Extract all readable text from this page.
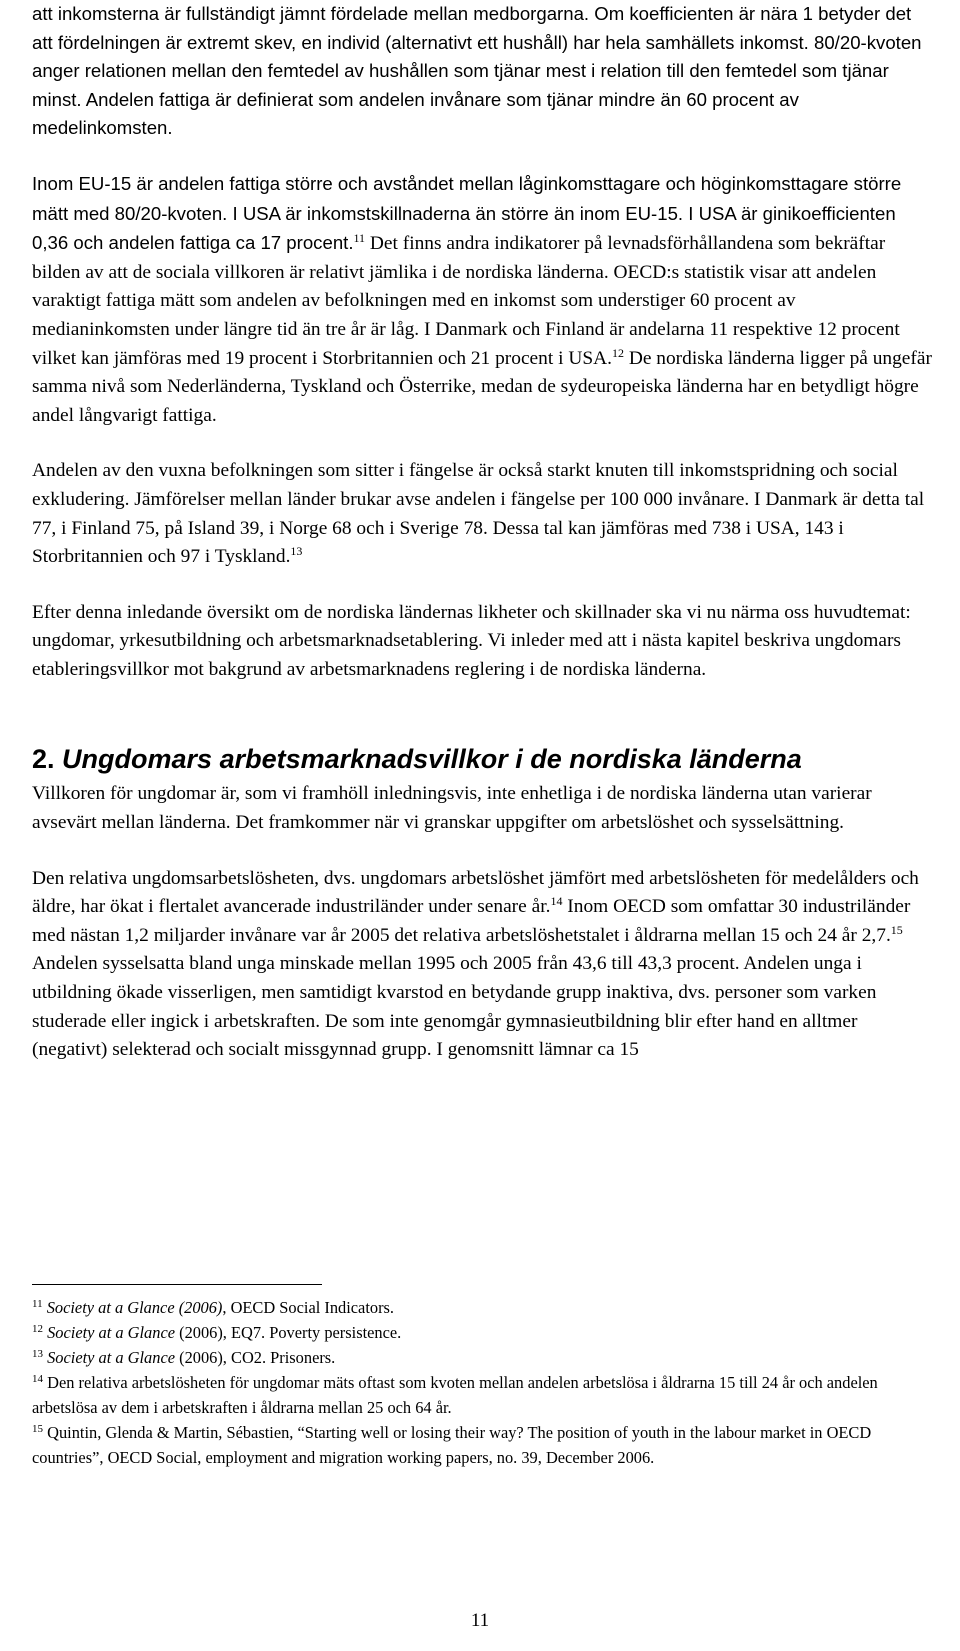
att inkomsterna är fullständigt jämnt fördelade mellan medborgarna. Om koefficienten är nära 1 betyder det att fördelningen är extremt skev, en individ (alternativt ett hushåll) har hela samhällets inkomst. 80/20-kvoten anger relationen mellan den femtedel av hushållen som tjänar mest i relation till den femtedel som tjänar minst. Andelen fattiga är definierat som andelen invånare som tjänar mindre än 60 procent av medelinkomsten.

Inom EU-15 är andelen fattiga större och avståndet mellan låginkomsttagare och höginkomsttagare större mätt med 80/20-kvoten. I USA är inkomstskillnaderna än större än inom EU-15. I USA är ginikoefficienten 0,36 och andelen fattiga ca 17 procent.$^{11}$ Det finns andra indikatorer på levnadsförhållandena som bekräftar bilden av att de sociala villkoren är relativt jämlika i de nordiska länderna. OECD:s statistik visar att andelen varaktigt fattiga mätt som andelen av befolkningen med en inkomst som understiger 60 procent av medianinkomsten under längre tid än tre år är låg. I Danmark och Finland är andelarna 11 respektive 12 procent vilket kan jämföras med 19 procent i Storbritannien och 21 procent i USA.$^{12}$ De nordiska länderna ligger på ungefär samma nivå som Nederländerna, Tyskland och Österrike, medan de sydeuropeiska länderna har en betydligt högre andel långvarigt fattiga.

Andelen av den vuxna befolkningen som sitter i fängelse är också starkt knuten till inkomstspridning och social exkludering. Jämförelser mellan länder brukar avse andelen i fängelse per 100 000 invånare. I Danmark är detta tal 77, i Finland 75, på Island 39, i Norge 68 och i Sverige 78. Dessa tal kan jämföras med 738 i USA, 143 i Storbritannien och 97 i Tyskland.$^{13}$

Efter denna inledande översikt om de nordiska ländernas likheter och skillnader ska vi nu närma oss huvudtemat: ungdomar, yrkesutbildning och arbetsmarknadsetablering. Vi inleder med att i nästa kapitel beskriva ungdomars etableringsvillkor mot bakgrund av arbetsmarknadens reglering i de nordiska länderna.

2. Ungdomars arbetsmarknadsvillkor i de nordiska länderna

Villkoren för ungdomar är, som vi framhöll inledningsvis, inte enhetliga i de nordiska länderna utan varierar avsevärt mellan länderna. Det framkommer när vi granskar uppgifter om arbetslöshet och sysselsättning.

Den relativa ungdomsarbetslösheten, dvs. ungdomars arbetslöshet jämfört med arbetslösheten för medelålders och äldre, har ökat i flertalet avancerade industriländer under senare år.$^{14}$ Inom OECD som omfattar 30 industriländer med nästan 1,2 miljarder invånare var år 2005 det relativa arbetslöshetstalet i åldrarna mellan 15 och 24 år 2,7.15 Andelen sysselsatta bland unga minskade mellan 1995 och 2005 från 43,6 till 43,3 procent. Andelen unga i utbildning ökade visserligen, men samtidigt kvarstod en betydande grupp inaktiva, dvs. personer som varken studerade eller ingick i arbetskraften. De som inte genomgår gymnasieutbildning blir efter hand en alltmer (negativt) selekterad och socialt missgynnad grupp. I genomsnitt lämnar ca 15

$^{11}$ Society at a Glance (2006), OECD Social Indicators.
$^{12}$ Society at a Glance (2006), EQ7. Poverty persistence.
$^{13}$ Society at a Glance (2006), CO2. Prisoners.
$^{14}$ Den relativa arbetslösheten för ungdomar mäts oftast som kvoten mellan andelen arbetslösa i åldrarna 15 till 24 år och andelen arbetslösa av dem i arbetskraften i åldrarna mellan 25 och 64 år.
$^{15}$ Quintin, Glenda & Martin, Sébastien, “Starting well or losing their way? The position of youth in the labour market in OECD countries”, OECD Social, employment and migration working papers, no. 39, December 2006.
11
